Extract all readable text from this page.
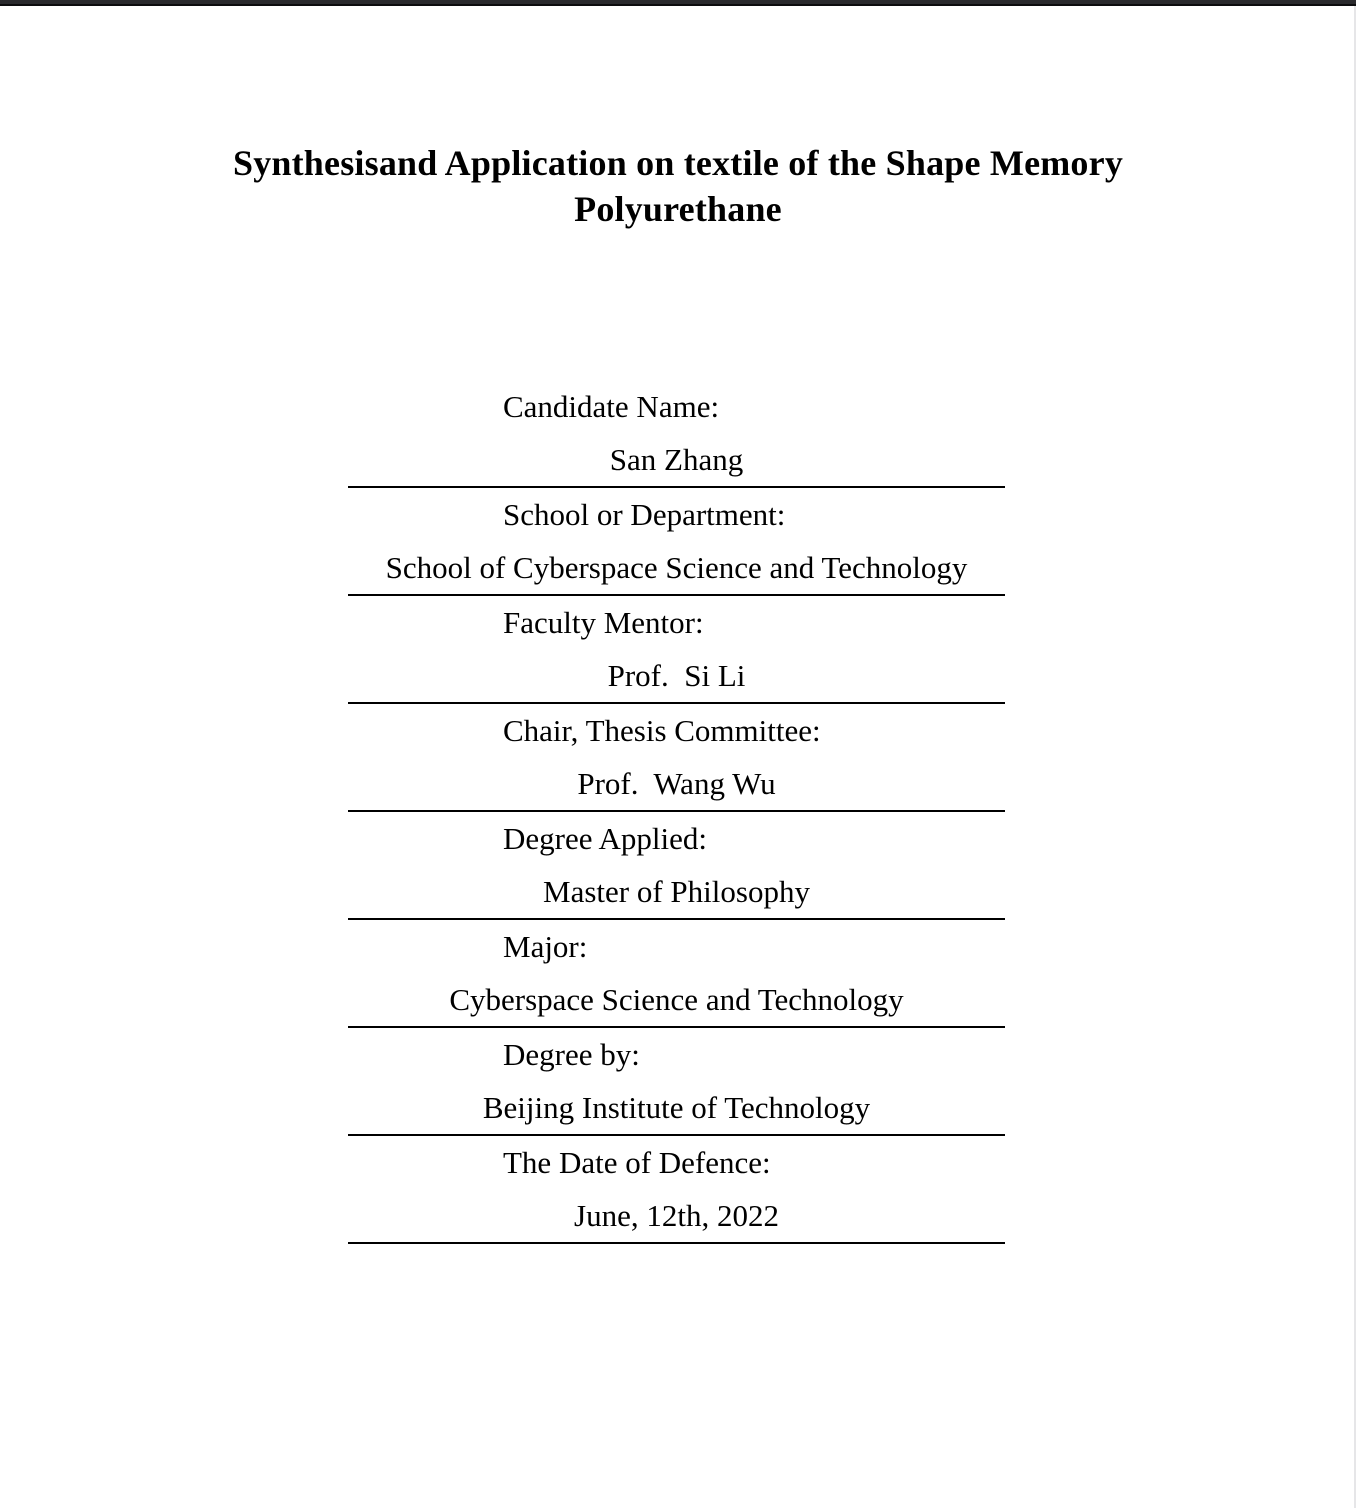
Synthesisand Application on textile of the Shape Memory
Polyurethane
Candidate Name:
San Zhang
School or Department:
School of Cyberspace Science and Technology
Faculty Mentor:
Prof.  Si Li
Chair, Thesis Committee:
Prof.  Wang Wu
Degree Applied:
Master of Philosophy
Major:
Cyberspace Science and Technology
Degree by:
Beijing Institute of Technology
The Date of Defence:
June, 12th, 2022
